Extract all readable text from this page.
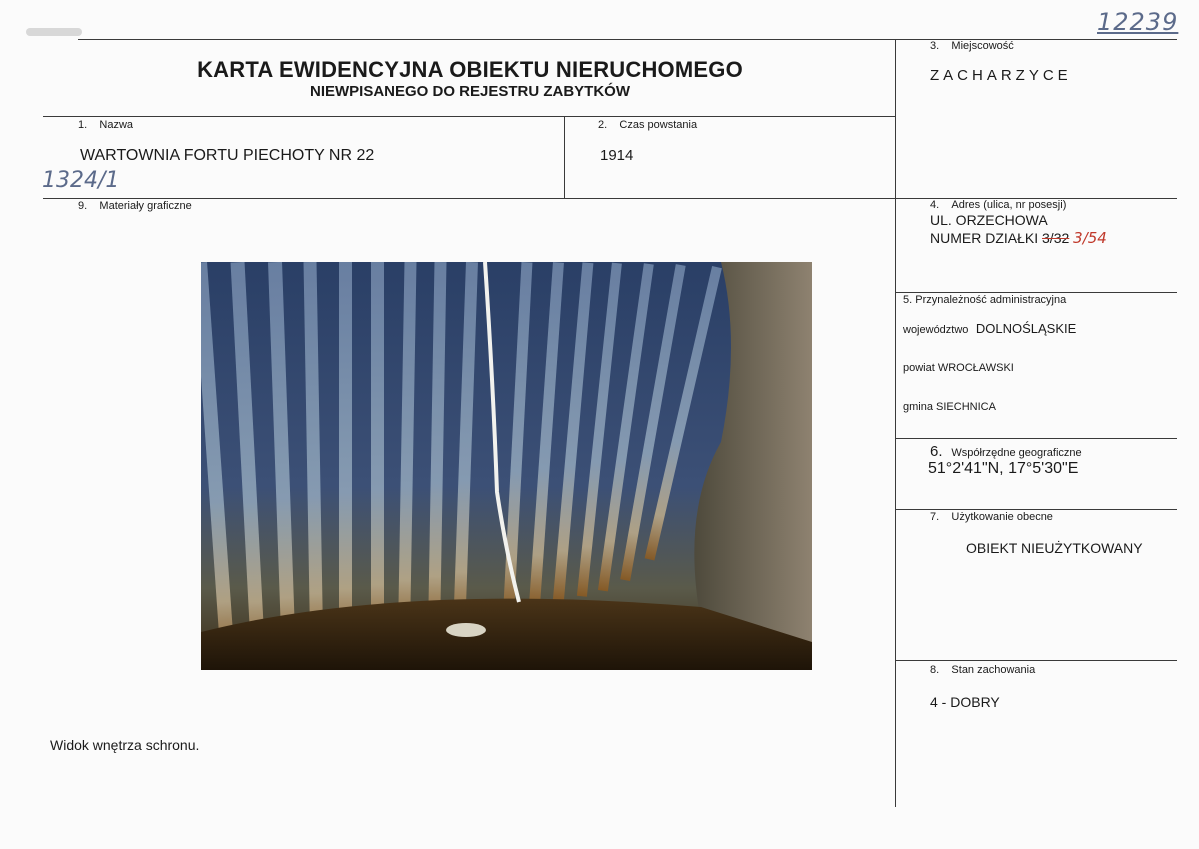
12239
1324/1
KARTA EWIDENCYJNA OBIEKTU NIERUCHOMEGO
NIEWPISANEGO DO REJESTRU ZABYTKÓW
1. Nazwa
WARTOWNIA FORTU PIECHOTY NR 22
2. Czas powstania
1914
3. Miejscowość
ZACHARZYCE
9. Materiały graficzne
Widok wnętrza schronu.
4. Adres (ulica, nr posesji)
UL. ORZECHOWA
NUMER DZIAŁKI 3/32 3/54
5. Przynależność administracyjna
województwo DOLNOŚLĄSKIE
powiat WROCŁAWSKI
gmina SIECHNICA
6. Współrzędne geograficzne
51°2'41"N, 17°5'30"E
7. Użytkowanie obecne
OBIEKT NIEUŻYTKOWANY
8. Stan zachowania
4 - DOBRY
